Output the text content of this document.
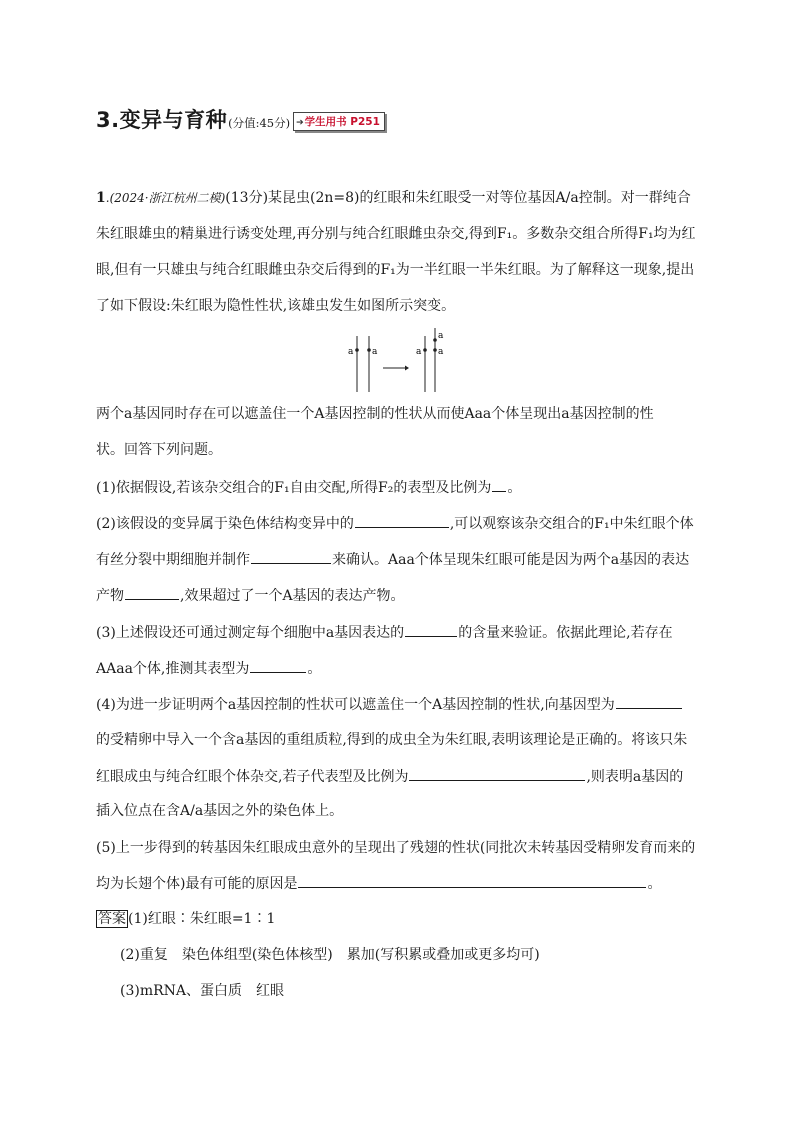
3.变异与育种 (分值:45分) ➔学生用书 P251
1.(2024·浙江杭州二模)(13分)某昆虫(2n=8)的红眼和朱红眼受一对等位基因A/a控制。对一群纯合
朱红眼雄虫的精巢进行诱变处理,再分别与纯合红眼雌虫杂交,得到F₁。多数杂交组合所得F₁均为红
眼,但有一只雄虫与纯合红眼雌虫杂交后得到的F₁为一半红眼一半朱红眼。为了解释这一现象,提出
了如下假设:朱红眼为隐性性状,该雄虫发生如图所示突变。
a a	a
a
a
两个a基因同时存在可以遮盖住一个A基因控制的性状从而使Aaa个体呈现出a基因控制的性
状。回答下列问题。
(1)依据假设,若该杂交组合的F₁自由交配,所得F₂的表型及比例为 。
(2)该假设的变异属于染色体结构变异中的	,可以观察该杂交组合的F₁中朱红眼个体
有丝分裂中期细胞并制作	来确认。Aaa个体呈现朱红眼可能是因为两个a基因的表达
产物	,效果超过了一个A基因的表达产物。
(3)上述假设还可通过测定每个细胞中a基因表达的	的含量来验证。依据此理论,若存在
AAaa个体,推测其表型为	。
(4)为进一步证明两个a基因控制的性状可以遮盖住一个A基因控制的性状,向基因型为
的受精卵中导入一个含a基因的重组质粒,得到的成虫全为朱红眼,表明该理论是正确的。将该只朱
红眼成虫与纯合红眼个体杂交,若子代表型及比例为	,则表明a基因的
插入位点在含A/a基因之外的染色体上。
(5)上一步得到的转基因朱红眼成虫意外的呈现出了残翅的性状(同批次未转基因受精卵发育而来的
均为长翅个体)最有可能的原因是	。
答案 (1)红眼∶朱红眼=1∶1
(2)重复　染色体组型(染色体核型)　累加(写积累或叠加或更多均可)
(3)mRNA、蛋白质　红眼
